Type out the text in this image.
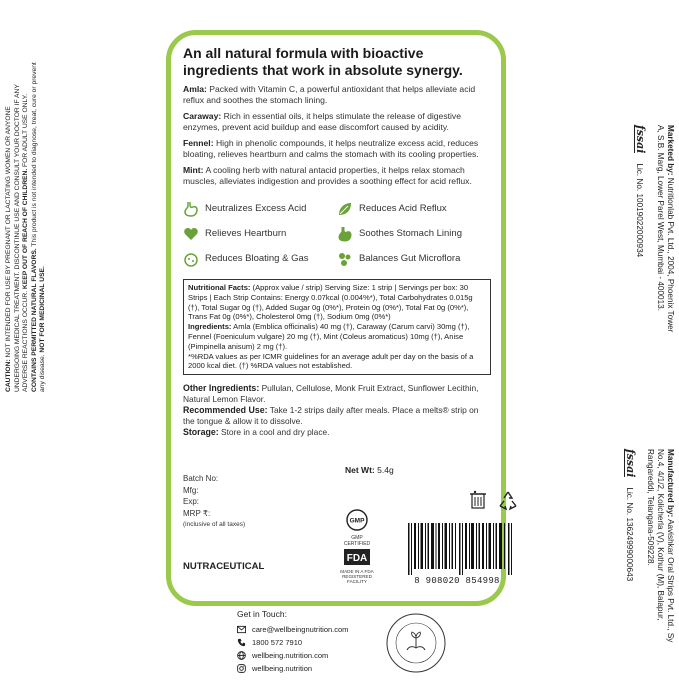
CAUTION: NOT INTENDED FOR USE BY PREGNANT OR LACTATING WOMEN OR ANYONE UNDERGOING MEDICAL TREATMENT. DISCONTINUE USE AND CONSULT YOUR DOCTOR IF ANY ADVERSE REACTIONS OCCUR. KEEP OUT OF REACH OF CHILDREN. FOR ADULT USE ONLY. CONTAINS PERMITTED NATURAL FLAVORS. This product is not intended to diagnose, treat, cure or prevent any disease. NOT FOR MEDICINAL USE.
An all natural formula with bioactive ingredients that work in absolute synergy.
Amla: Packed with Vitamin C, a powerful antioxidant that helps alleviate acid reflux and soothes the stomach lining.
Caraway: Rich in essential oils, it helps stimulate the release of digestive enzymes, prevent acid buildup and ease discomfort caused by acidity.
Fennel: High in phenolic compounds, it helps neutralize excess acid, reduces bloating, relieves heartburn and calms the stomach with its cooling properties.
Mint: A cooling herb with natural antacid properties, it helps relax stomach muscles, alleviates indigestion and provides a soothing effect for acid reflux.
Neutralizes Excess Acid	Reduces Acid Reflux
Relieves Heartburn	Soothes Stomach Lining
Reduces Bloating & Gas	Balances Gut Microflora
Nutritional Facts: (Approx value / strip) Serving Size: 1 strip | Servings per box: 30 Strips | Each Strip Contains: Energy 0.07kcal (0.004%*), Total Carbohydrates 0.015g (†), Total Sugar 0g (†), Added Sugar 0g (0%*), Protein 0g (0%*), Total Fat 0g (0%*), Trans Fat 0g (0%*), Cholesterol 0mg (†), Sodium 0mg (0%*)
Ingredients: Amla (Emblica officinalis) 40 mg (†), Caraway (Carum carvi) 30mg (†), Fennel (Foeniculum vulgare) 20 mg (†), Mint (Coleus aromaticus) 10mg (†), Anise (Pimpinella anisum) 2 mg (†).
*%RDA values as per ICMR guidelines for an average adult per day on the basis of a 2000 kcal diet. (†) %RDA values not established.
Other Ingredients: Pullulan, Cellulose, Monk Fruit Extract, Sunflower Lecithin, Natural Lemon Flavor.
Recommended Use: Take 1-2 strips daily after meals. Place a melts® strip on the tongue & allow it to dissolve.
Storage: Store in a cool and dry place.
Batch No:
Mfg:
Exp:
MRP ₹:
(inclusive of all taxes)
NUTRACEUTICAL
Net Wt: 5.4g
GMP
GMP CERTIFIED
FDA
MADE IN A FDA REGISTERED FACILITY	8 908020 854998
Marketed by: Nutritionlab Pvt. Ltd., 2004, Phoenix Tower A, S.B. Marg, Lower Parel West, Mumbai - 400013.
fssai
Lic. No. 10019022000934
Manufactured by: Aavishkar Oral Strips Pvt. Ltd., Sy No.4, 4/1/2, Kolicherla (V), Kothur (M), Balapur, Rangareddi, Telangana-509228.
fssai
Lic. No. 13624999000643
Get in Touch:
care@wellbeingnutrition.com
1800 572 7910
wellbeing.nutrition.com
wellbeing.nutrition
